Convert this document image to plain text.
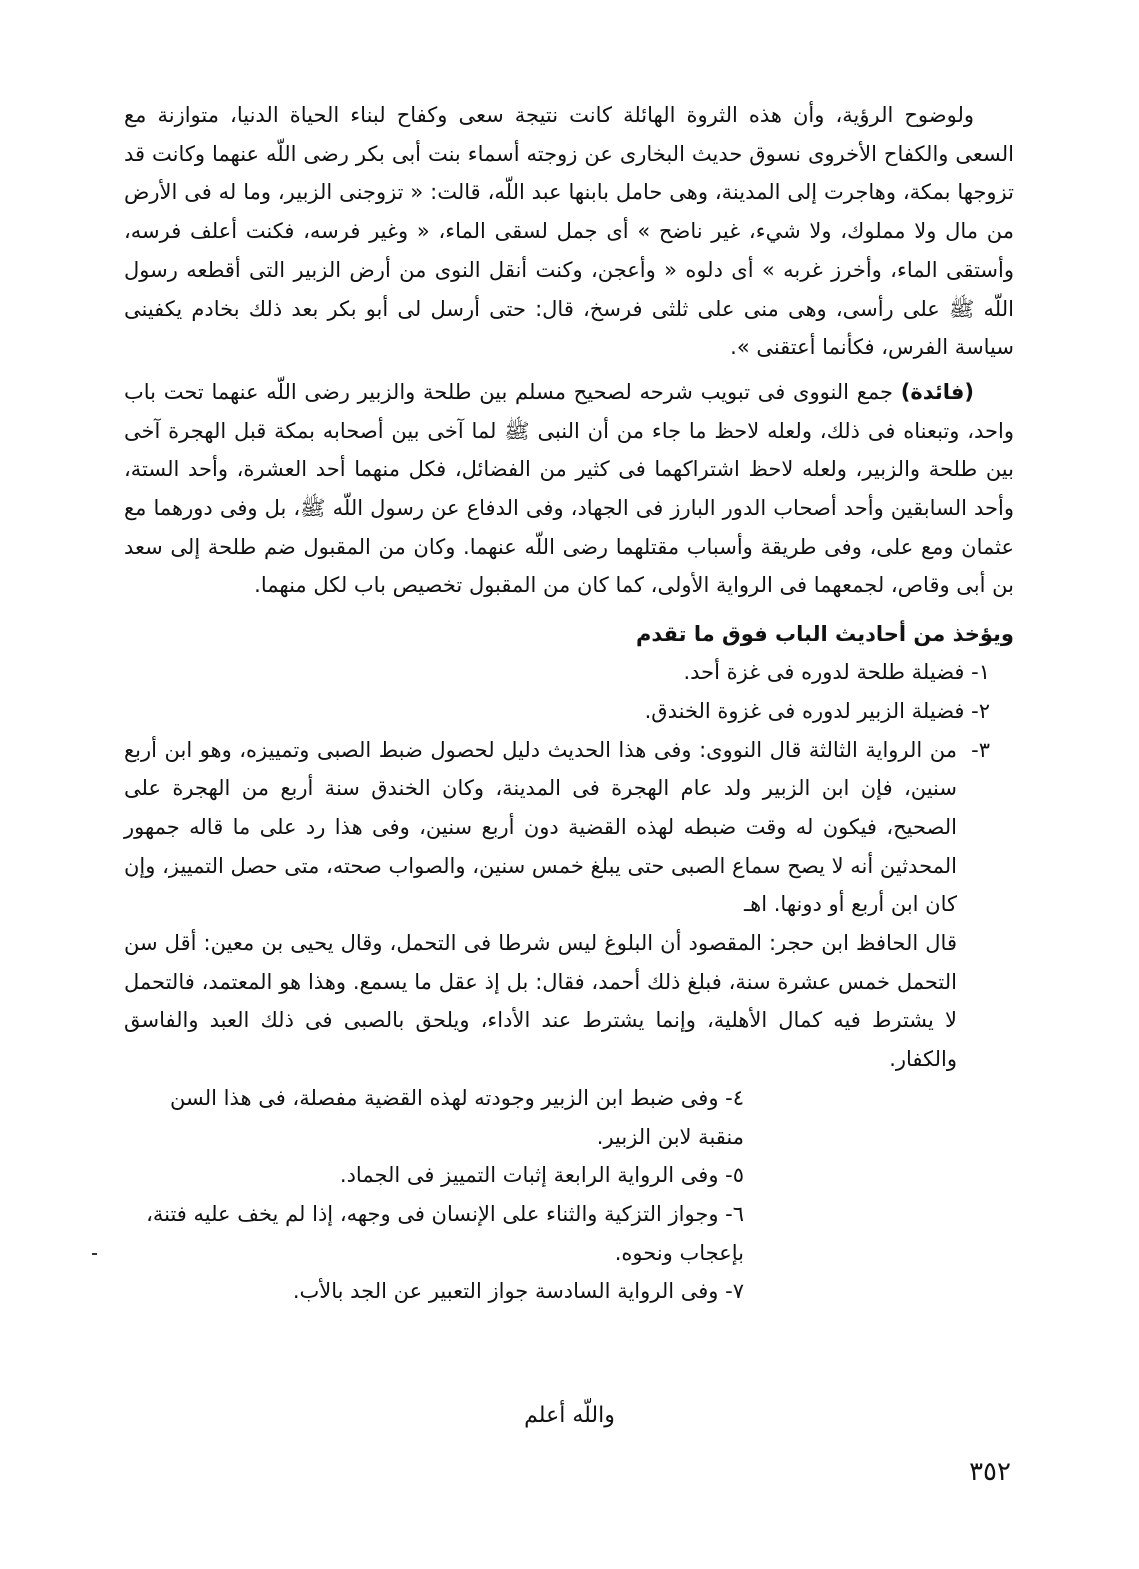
ولوضوح الرؤية، وأن هذه الثروة الهائلة كانت نتيجة سعى وكفاح لبناء الحياة الدنيا، متوازنة مع السعى والكفاح الأخروى نسوق حديث البخارى عن زوجته أسماء بنت أبى بكر رضى اللّه عنهما وكانت قد تزوجها بمكة، وهاجرت إلى المدينة، وهى حامل بابنها عبد اللّه، قالت: « تزوجنى الزبير، وما له فى الأرض من مال ولا مملوك، ولا شيء، غير ناضح » أى جمل لسقى الماء، « وغير فرسه، فكنت أعلف فرسه، وأستقى الماء، وأخرز غربه » أى دلوه « وأعجن، وكنت أنقل النوى من أرض الزبير التى أقطعه رسول اللّه ﷺ على رأسى، وهى منى على ثلثى فرسخ، قال: حتى أرسل لى أبو بكر بعد ذلك بخادم يكفينى سياسة الفرس، فكأنما أعتقنى ».

(فائدة) جمع النووى فى تبويب شرحه لصحيح مسلم بين طلحة والزبير رضى اللّه عنهما تحت باب واحد، وتبعناه فى ذلك، ولعله لاحظ ما جاء من أن النبى ﷺ لما آخى بين أصحابه بمكة قبل الهجرة آخى بين طلحة والزبير، ولعله لاحظ اشتراكهما فى كثير من الفضائل، فكل منهما أحد العشرة، وأحد الستة، وأحد السابقين وأحد أصحاب الدور البارز فى الجهاد، وفى الدفاع عن رسول اللّه ﷺ، بل وفى دورهما مع عثمان ومع على، وفى طريقة وأسباب مقتلهما رضى اللّه عنهما. وكان من المقبول ضم طلحة إلى سعد بن أبى وقاص، لجمعهما فى الرواية الأولى، كما كان من المقبول تخصيص باب لكل منهما.

ويؤخذ من أحاديث الباب فوق ما تقدم
١- فضيلة طلحة لدوره فى غزة أحد.
٢- فضيلة الزبير لدوره فى غزوة الخندق.
٣-

من الرواية الثالثة قال النووى: وفى هذا الحديث دليل لحصول ضبط الصبى وتمييزه، وهو ابن أربع سنين، فإن ابن الزبير ولد عام الهجرة فى المدينة، وكان الخندق سنة أربع من الهجرة على الصحيح، فيكون له وقت ضبطه لهذه القضية دون أربع سنين، وفى هذا رد على ما قاله جمهور المحدثين أنه لا يصح سماع الصبى حتى يبلغ خمس سنين، والصواب صحته، متى حصل التمييز، وإن كان ابن أربع أو دونها. اهـ

قال الحافظ ابن حجر: المقصود أن البلوغ ليس شرطا فى التحمل، وقال يحيى بن معين: أقل سن التحمل خمس عشرة سنة، فبلغ ذلك أحمد، فقال: بل إذ عقل ما يسمع. وهذا هو المعتمد، فالتحمل لا يشترط فيه كمال الأهلية، وإنما يشترط عند الأداء، ويلحق بالصبى فى ذلك العبد والفاسق والكفار.

٤- وفى ضبط ابن الزبير وجودته لهذه القضية مفصلة، فى هذا السن منقبة لابن الزبير.
٥- وفى الرواية الرابعة إثبات التمييز فى الجماد.
٦- وجواز التزكية والثناء على الإنسان فى وجهه، إذا لم يخف عليه فتنة، بإعجاب ونحوه.
٧- وفى الرواية السادسة جواز التعبير عن الجد بالأب.
واللّه أعلم
٣٥٢
